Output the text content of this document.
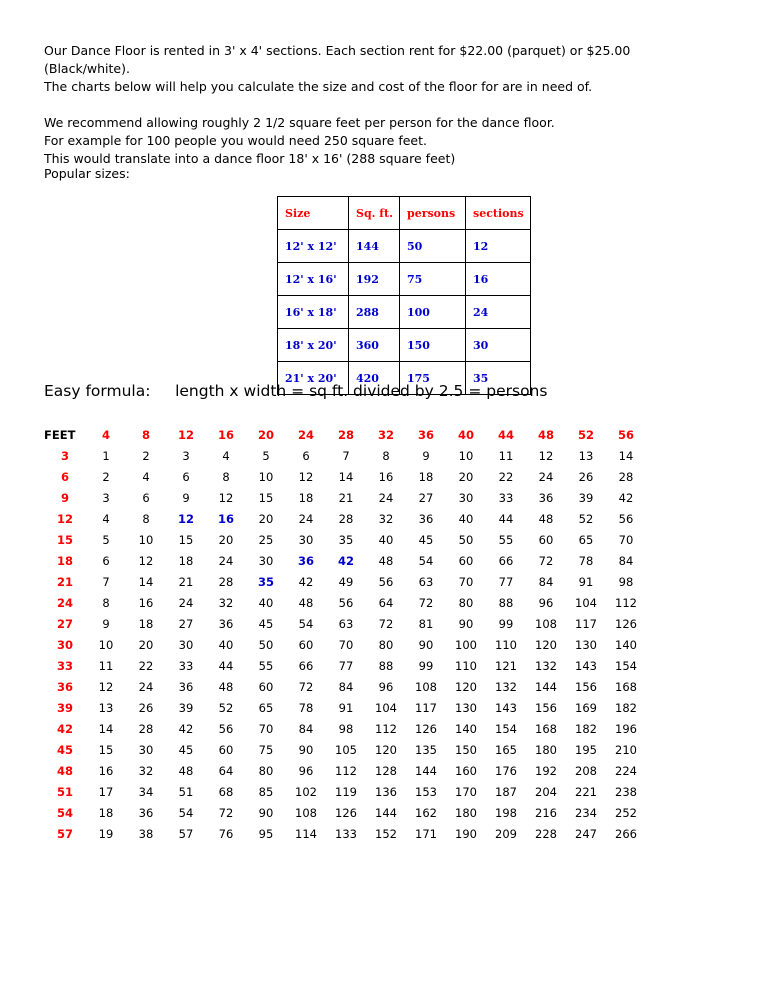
Our Dance Floor is rented in 3' x 4' sections. Each section rent for $22.00 (parquet) or $25.00

(Black/white).

The charts below will help you calculate the size and cost of the floor for are in need of.

We recommend allowing roughly 2 1/2 square feet per person for the dance floor.

For example for 100 people you would need 250 square feet.

This would translate into a dance floor 18' x 16' (288 square feet)

Popular sizes:
Size	Sq. ft.	persons	sections
12' x 12'	144	50	12
12' x 16'	192	75	16
16' x 18'	288	100	24
18' x 20'	360	150	30
21' x 20'	420	175	35
Easy formula:     length x width = sq ft. divided by 2.5 = persons
FEET	4	8	12	16	20	24	28	32	36	40	44	48	52	56
3	1	2	3	4	5	6	7	8	9	10	11	12	13	14
6	2	4	6	8	10	12	14	16	18	20	22	24	26	28
9	3	6	9	12	15	18	21	24	27	30	33	36	39	42
12	4	8	12	16	20	24	28	32	36	40	44	48	52	56
15	5	10	15	20	25	30	35	40	45	50	55	60	65	70
18	6	12	18	24	30	36	42	48	54	60	66	72	78	84
21	7	14	21	28	35	42	49	56	63	70	77	84	91	98
24	8	16	24	32	40	48	56	64	72	80	88	96	104	112
27	9	18	27	36	45	54	63	72	81	90	99	108	117	126
30	10	20	30	40	50	60	70	80	90	100	110	120	130	140
33	11	22	33	44	55	66	77	88	99	110	121	132	143	154
36	12	24	36	48	60	72	84	96	108	120	132	144	156	168
39	13	26	39	52	65	78	91	104	117	130	143	156	169	182
42	14	28	42	56	70	84	98	112	126	140	154	168	182	196
45	15	30	45	60	75	90	105	120	135	150	165	180	195	210
48	16	32	48	64	80	96	112	128	144	160	176	192	208	224
51	17	34	51	68	85	102	119	136	153	170	187	204	221	238
54	18	36	54	72	90	108	126	144	162	180	198	216	234	252
57	19	38	57	76	95	114	133	152	171	190	209	228	247	266
